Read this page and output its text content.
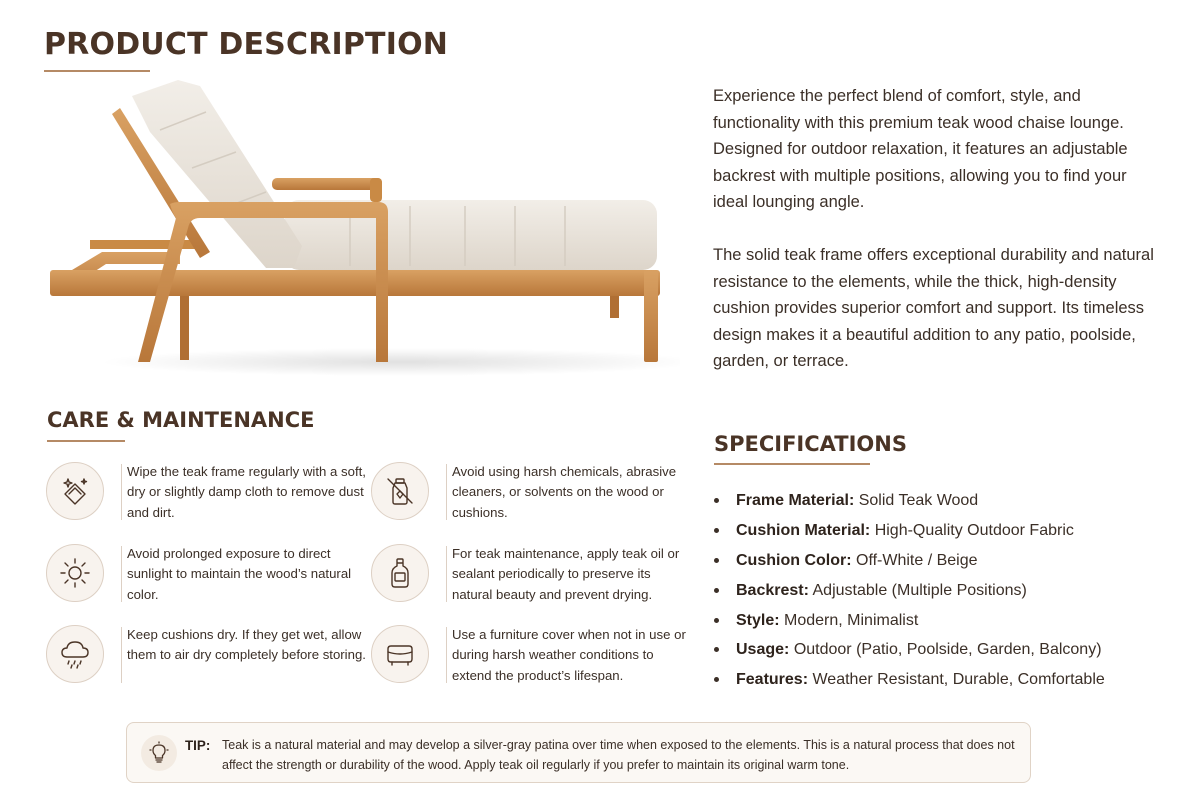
PRODUCT DESCRIPTION

Experience the perfect blend of comfort, style, and functionality with this premium teak wood chaise lounge. Designed for outdoor relaxation, it features an adjustable backrest with multiple positions, allowing you to find your ideal lounging angle.

The solid teak frame offers exceptional durability and natural resistance to the elements, while the thick, high-density cushion provides superior comfort and support. Its timeless design makes it a beautiful addition to any patio, poolside, garden, or terrace.

CARE & MAINTENANCE
Wipe the teak frame regularly with a soft, dry or slightly damp cloth to remove dust and dirt.
Avoid using harsh chemicals, abrasive cleaners, or solvents on the wood or cushions.
Avoid prolonged exposure to direct sunlight to maintain the wood’s natural color.
For teak maintenance, apply teak oil or sealant periodically to preserve its natural beauty and prevent drying.
Keep cushions dry. If they get wet, allow them to air dry completely before storing.
Use a furniture cover when not in use or during harsh weather conditions to extend the product’s lifespan.
SPECIFICATIONS
Frame Material: Solid Teak Wood
Cushion Material: High-Quality Outdoor Fabric
Cushion Color: Off-White / Beige
Backrest: Adjustable (Multiple Positions)
Style: Modern, Minimalist
Usage: Outdoor (Patio, Poolside, Garden, Balcony)
Features: Weather Resistant, Durable, Comfortable
TIP: Teak is a natural material and may develop a silver-gray patina over time when exposed to the elements. This is a natural process that does not affect the strength or durability of the wood. Apply teak oil regularly if you prefer to maintain its original warm tone.
